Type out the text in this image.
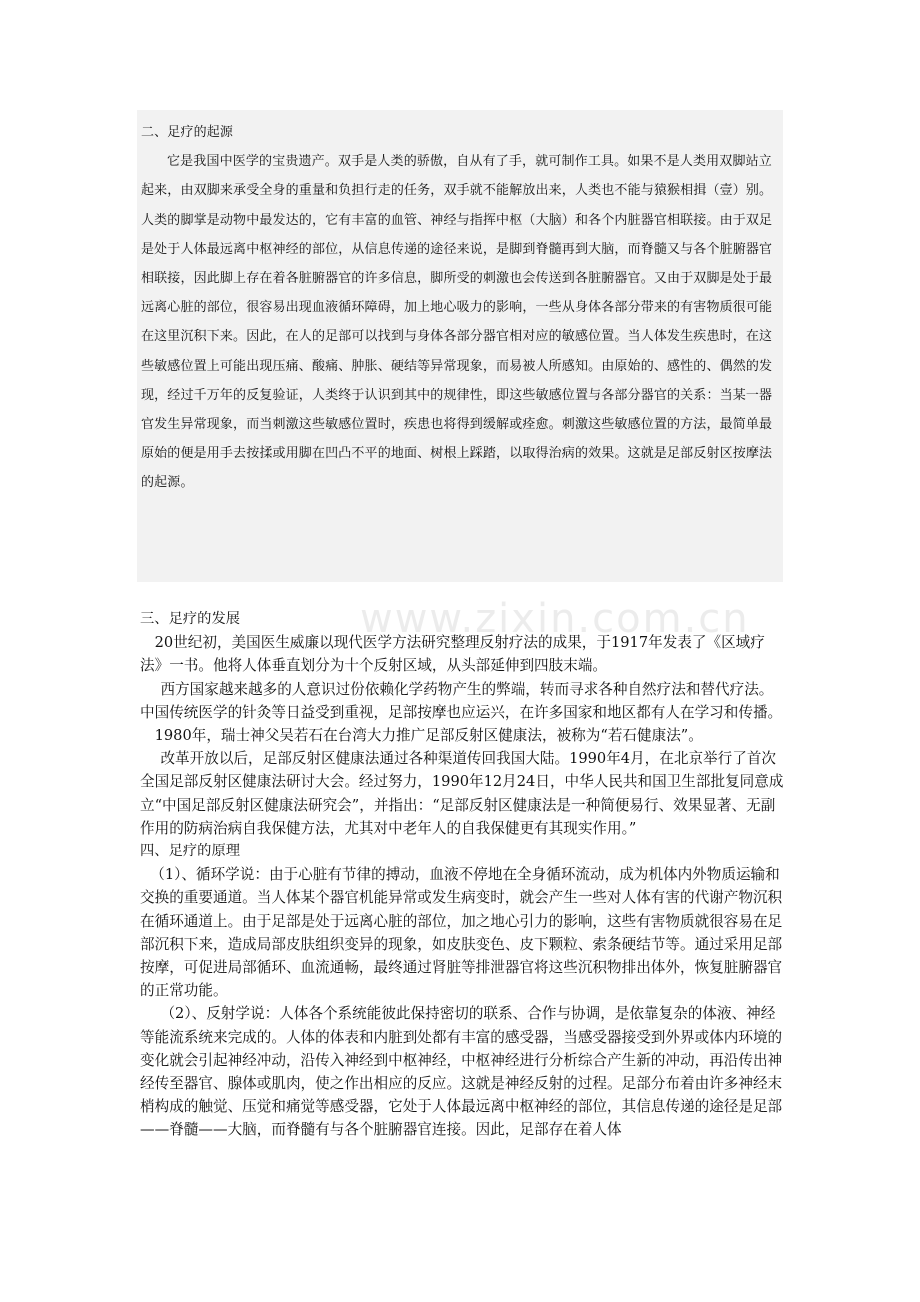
二、足疗的起源

它是我国中医学的宝贵遗产。双手是人类的骄傲，自从有了手，就可制作工具。如果不是人类用双脚站立起来，由双脚来承受全身的重量和负担行走的任务，双手就不能解放出来，人类也不能与猿猴相揖（壹）别。人类的脚掌是动物中最发达的，它有丰富的血管、神经与指挥中枢（大脑）和各个内脏器官相联接。由于双足是处于人体最远离中枢神经的部位，从信息传递的途径来说，是脚到脊髓再到大脑，而脊髓又与各个脏腑器官相联接，因此脚上存在着各脏腑器官的许多信息，脚所受的刺激也会传送到各脏腑器官。又由于双脚是处于最远离心脏的部位，很容易出现血液循环障碍，加上地心吸力的影响，一些从身体各部分带来的有害物质很可能在这里沉积下来。因此，在人的足部可以找到与身体各部分器官相对应的敏感位置。当人体发生疾患时，在这些敏感位置上可能出现压痛、酸痛、肿胀、硬结等异常现象，而易被人所感知。由原始的、感性的、偶然的发现，经过千万年的反复验证，人类终于认识到其中的规律性，即这些敏感位置与各部分器官的关系：当某一器官发生异常现象，而当刺激这些敏感位置时，疾患也将得到缓解或痊愈。刺激这些敏感位置的方法，最简单最原始的便是用手去按揉或用脚在凹凸不平的地面、树根上踩踏，以取得治病的效果。这就是足部反射区按摩法的起源。

www.zixin.com.cn

三、足疗的发展

20世纪初，美国医生威廉以现代医学方法研究整理反射疗法的成果，于1917年发表了《区域疗法》一书。他将人体垂直划分为十个反射区域，从头部延伸到四肢末端。

西方国家越来越多的人意识过份依赖化学药物产生的弊端，转而寻求各种自然疗法和替代疗法。中国传统医学的针灸等日益受到重视，足部按摩也应运兴，在许多国家和地区都有人在学习和传播。

1980年，瑞士神父吴若石在台湾大力推广足部反射区健康法，被称为“若石健康法”。

改革开放以后，足部反射区健康法通过各种渠道传回我国大陆。1990年4月，在北京举行了首次全国足部反射区健康法研讨大会。经过努力，1990年12月24日，中华人民共和国卫生部批复同意成立“中国足部反射区健康法研究会”，并指出：“足部反射区健康法是一种简便易行、效果显著、无副作用的防病治病自我保健方法，尤其对中老年人的自我保健更有其现实作用。”

四、足疗的原理

（1）、循环学说：由于心脏有节律的搏动，血液不停地在全身循环流动，成为机体内外物质运输和交换的重要通道。当人体某个器官机能异常或发生病变时，就会产生一些对人体有害的代谢产物沉积在循环通道上。由于足部是处于远离心脏的部位，加之地心引力的影响，这些有害物质就很容易在足部沉积下来，造成局部皮肤组织变异的现象，如皮肤变色、皮下颗粒、索条硬结节等。通过采用足部按摩，可促进局部循环、血流通畅，最终通过肾脏等排泄器官将这些沉积物排出体外，恢复脏腑器官的正常功能。

（2）、反射学说：人体各个系统能彼此保持密切的联系、合作与协调，是依靠复杂的体液、神经等能流系统来完成的。人体的体表和内脏到处都有丰富的感受器，当感受器接受到外界或体内环境的变化就会引起神经冲动，沿传入神经到中枢神经，中枢神经进行分析综合产生新的冲动，再沿传出神经传至器官、腺体或肌肉，使之作出相应的反应。这就是神经反射的过程。足部分布着由许多神经末梢构成的触觉、压觉和痛觉等感受器，它处于人体最远离中枢神经的部位，其信息传递的途径是足部——脊髓——大脑，而脊髓有与各个脏腑器官连接。因此，足部存在着人体
